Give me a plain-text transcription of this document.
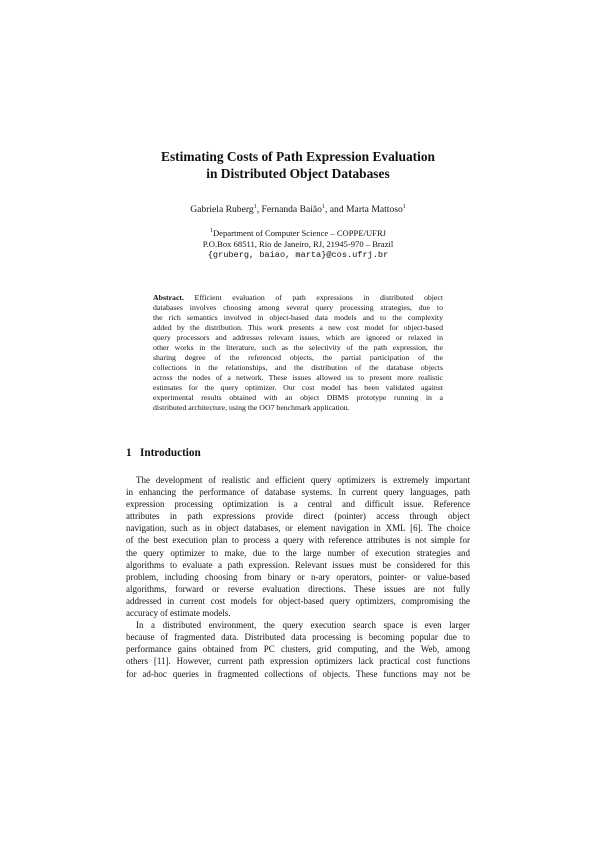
Estimating Costs of Path Expression Evaluation
in Distributed Object Databases
Gabriela Ruberg$^1$, Fernanda Baião$^1$, and Marta Mattoso$^1$
$^1$Department of Computer Science – COPPE/UFRJ
P.O.Box 68511, Rio de Janeiro, RJ, 21945-970 – Brazil
{gruberg, baiao, marta}@cos.ufrj.br
Abstract. Efficient evaluation of path expressions in distributed object
databases involves choosing among several query processing strategies, due to
the rich semantics involved in object-based data models and to the complexity
added by the distribution. This work presents a new cost model for object-based
query processors and addresses relevant issues, which are ignored or relaxed in
other works in the literature, such as the selectivity of the path expression, the
sharing degree of the referenced objects, the partial participation of the
collections in the relationships, and the distribution of the database objects
across the nodes of a network. These issues allowed us to present more realistic
estimates for the query optimizer. Our cost model has been validated against
experimental results obtained with an object DBMS prototype running in a
distributed architecture, using the OO7 benchmark application.
1 Introduction
The development of realistic and efficient query optimizers is extremely important
in enhancing the performance of database systems. In current query languages, path
expression processing optimization is a central and difficult issue. Reference
attributes in path expressions provide direct (pointer) access through object
navigation, such as in object databases, or element navigation in XML [6]. The choice
of the best execution plan to process a query with reference attributes is not simple for
the query optimizer to make, due to the large number of execution strategies and
algorithms to evaluate a path expression. Relevant issues must be considered for this
problem, including choosing from binary or n-ary operators, pointer- or value-based
algorithms, forward or reverse evaluation directions. These issues are not fully
addressed in current cost models for object-based query optimizers, compromising the
accuracy of estimate models.
In a distributed environment, the query execution search space is even larger
because of fragmented data. Distributed data processing is becoming popular due to
performance gains obtained from PC clusters, grid computing, and the Web, among
others [11]. However, current path expression optimizers lack practical cost functions
for ad-hoc queries in fragmented collections of objects. These functions may not be
